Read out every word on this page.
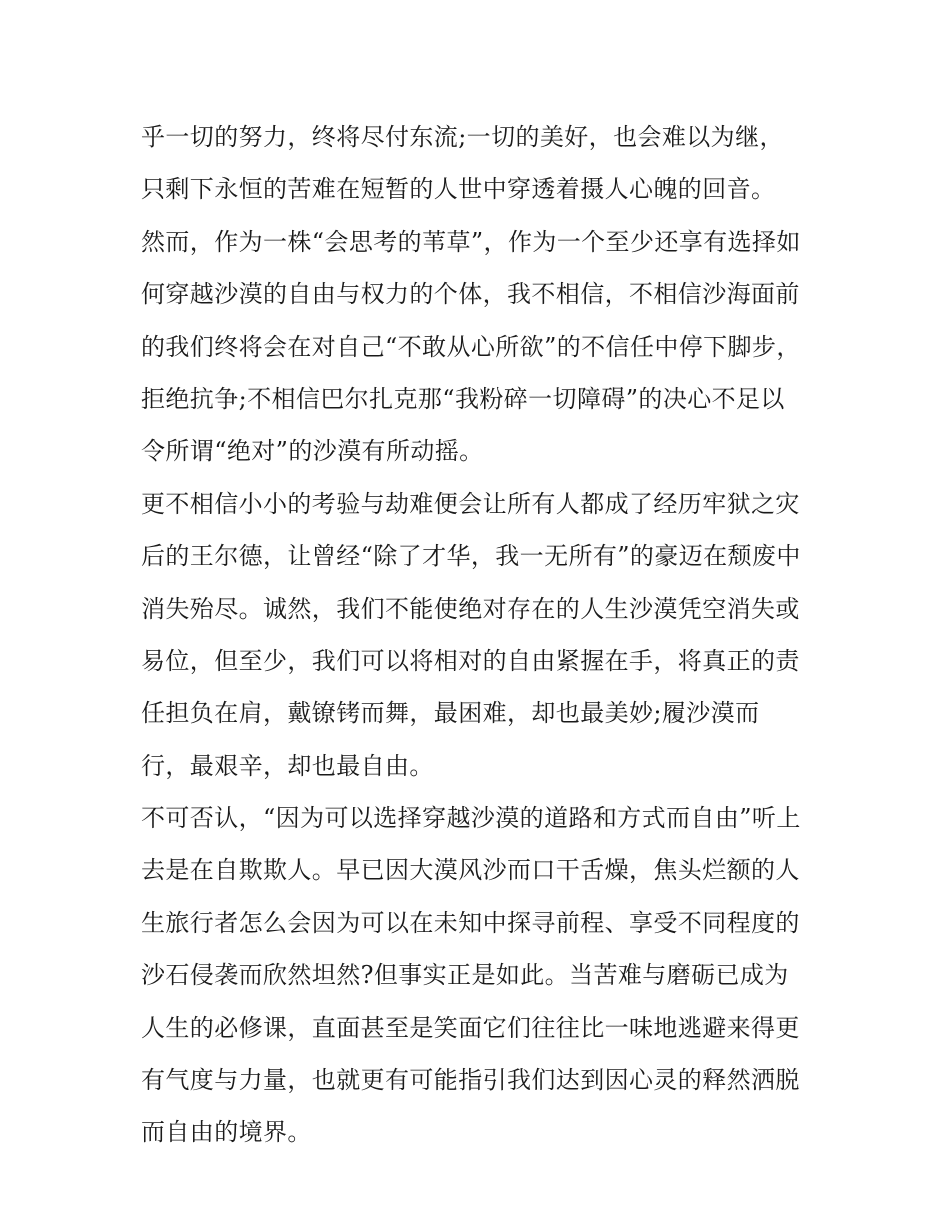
乎一切的努力，终将尽付东流;一切的美好，也会难以为继，
只剩下永恒的苦难在短暂的人世中穿透着摄人心魄的回音。
然而，作为一株“会思考的苇草”，作为一个至少还享有选择如
何穿越沙漠的自由与权力的个体，我不相信，不相信沙海面前
的我们终将会在对自己“不敢从心所欲”的不信任中停下脚步，
拒绝抗争;不相信巴尔扎克那“我粉碎一切障碍”的决心不足以
令所谓“绝对”的沙漠有所动摇。
更不相信小小的考验与劫难便会让所有人都成了经历牢狱之灾
后的王尔德，让曾经“除了才华，我一无所有”的豪迈在颓废中
消失殆尽。诚然，我们不能使绝对存在的人生沙漠凭空消失或
易位，但至少，我们可以将相对的自由紧握在手，将真正的责
任担负在肩，戴镣铐而舞，最困难，却也最美妙;履沙漠而
行，最艰辛，却也最自由。
不可否认，“因为可以选择穿越沙漠的道路和方式而自由”听上
去是在自欺欺人。早已因大漠风沙而口干舌燥，焦头烂额的人
生旅行者怎么会因为可以在未知中探寻前程、享受不同程度的
沙石侵袭而欣然坦然?但事实正是如此。当苦难与磨砺已成为
人生的必修课，直面甚至是笑面它们往往比一味地逃避来得更
有气度与力量，也就更有可能指引我们达到因心灵的释然洒脱
而自由的境界。
